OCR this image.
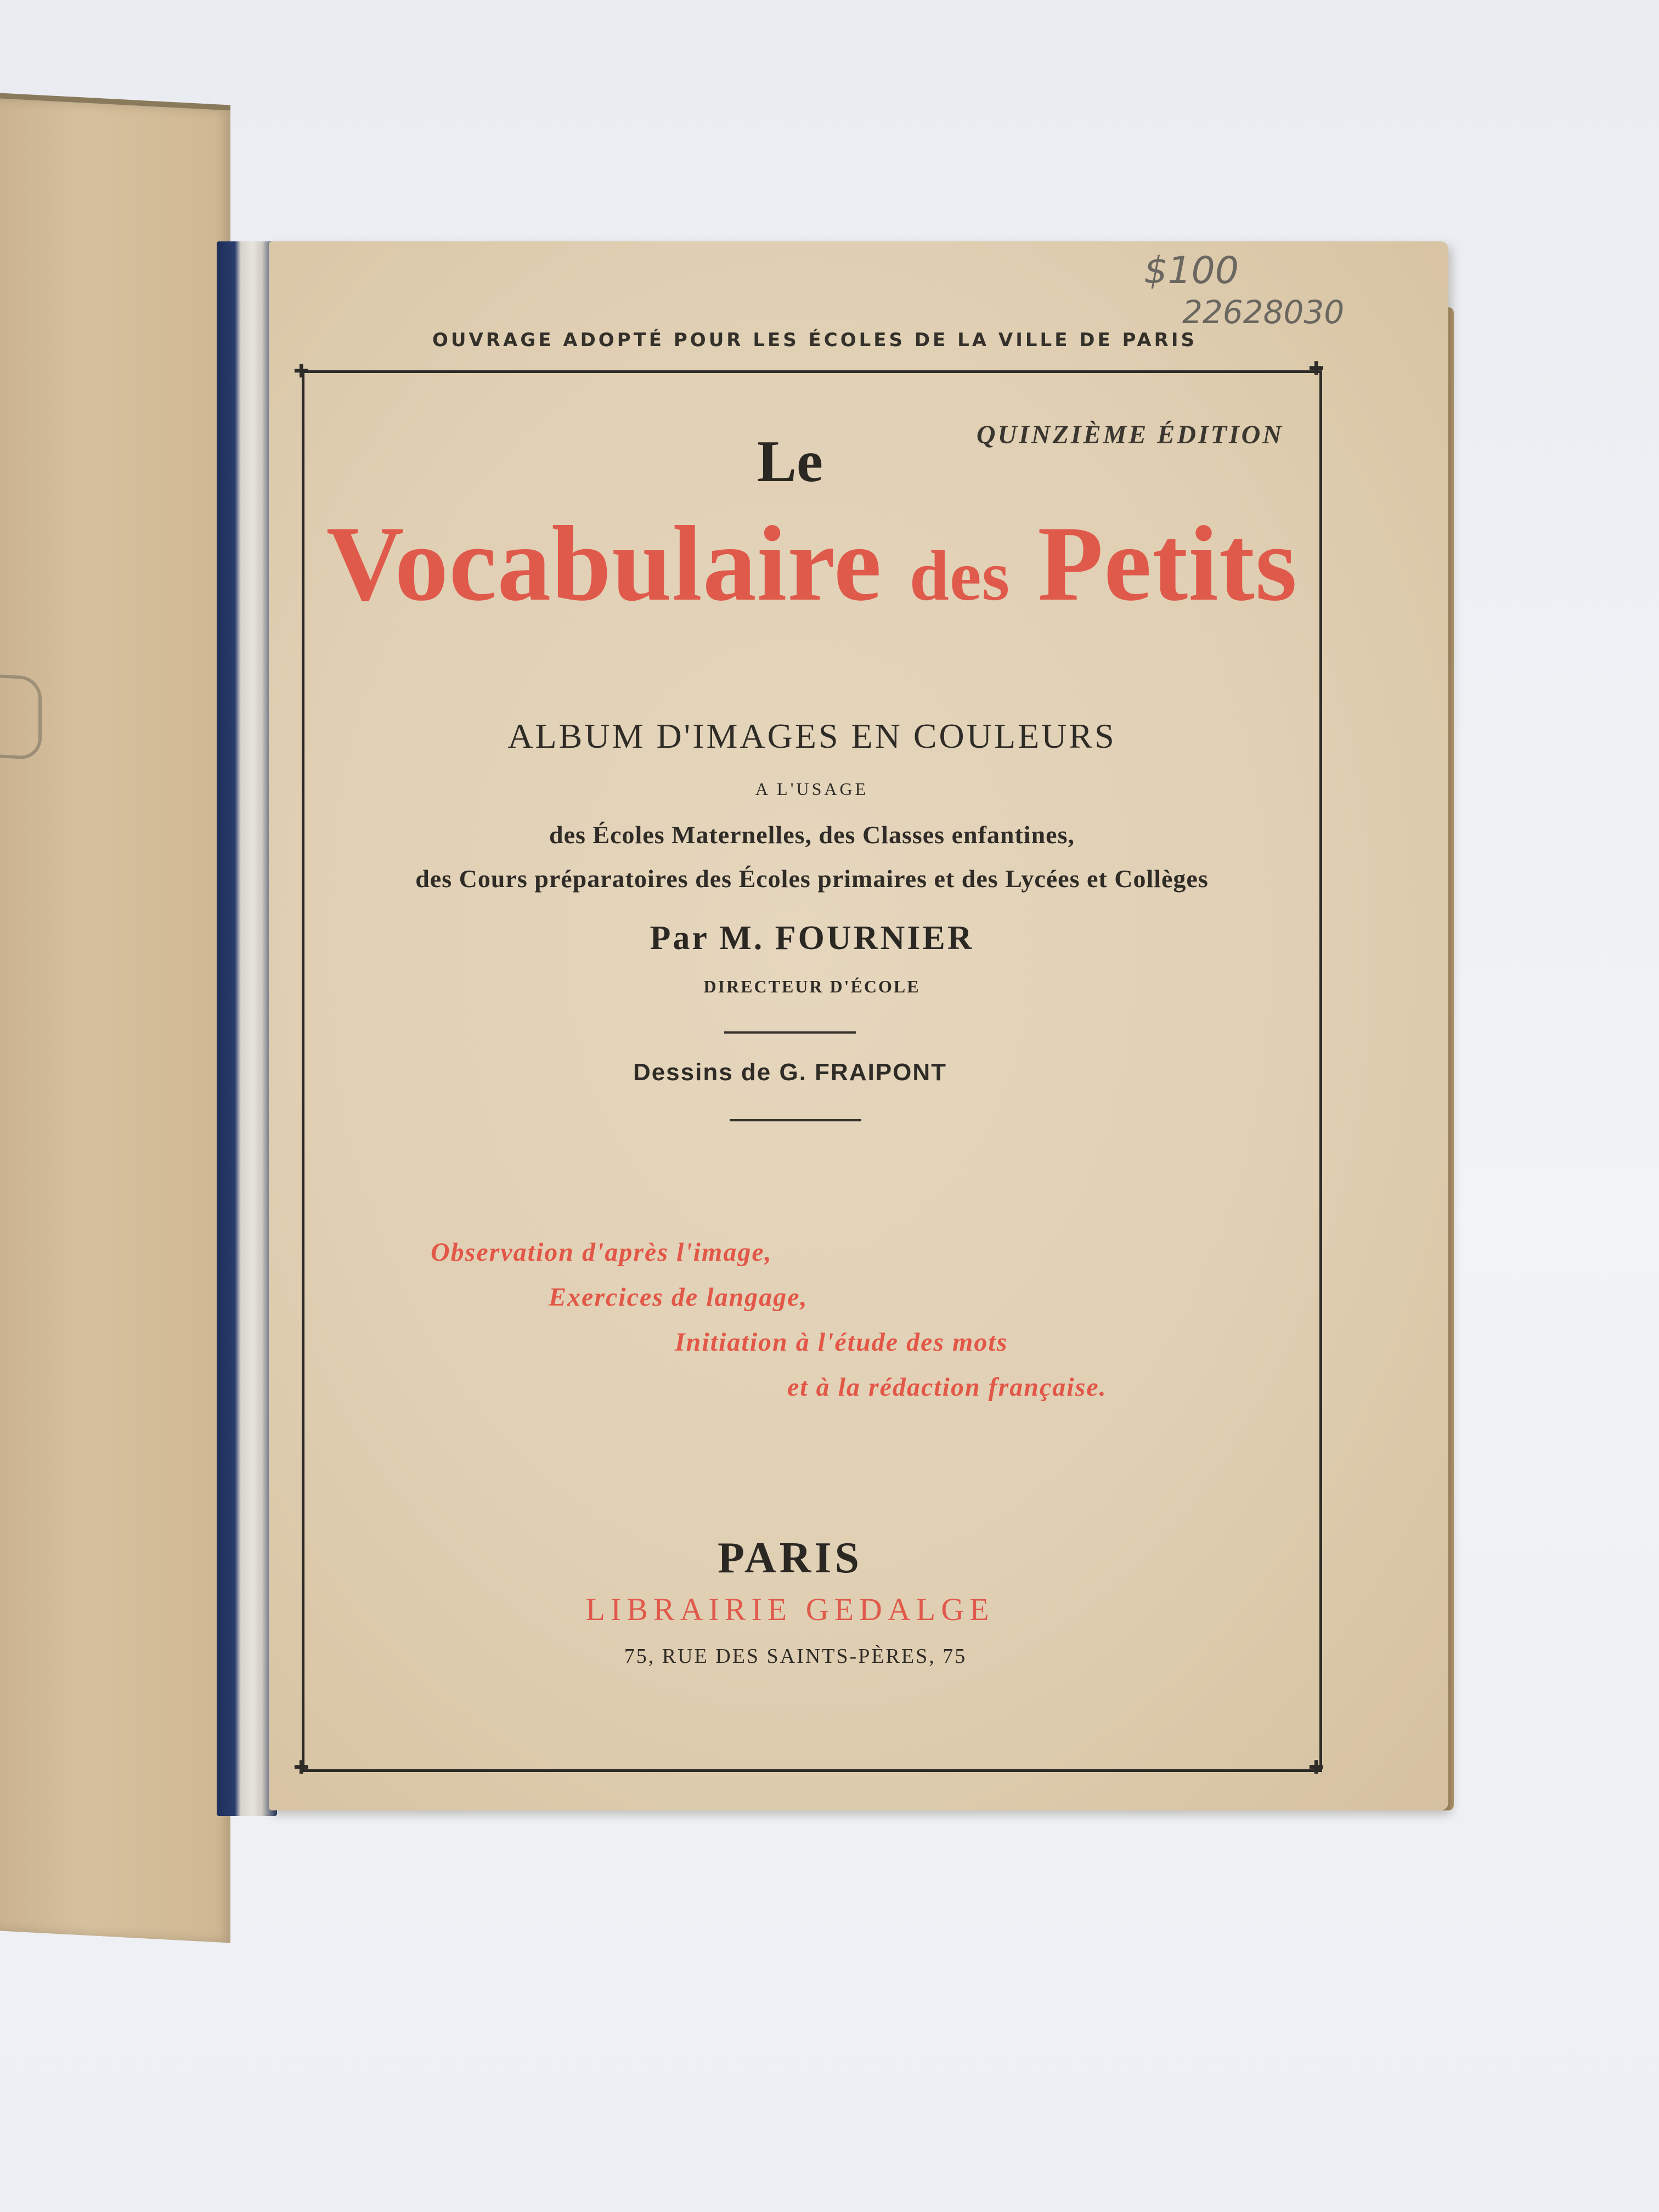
OUVRAGE ADOPTÉ POUR LES ÉCOLES DE LA VILLE DE PARIS
$100
22628030
✚	✚
✚	✚
QUINZIÈME ÉDITION
Le
Vocabulaire des Petits
ALBUM D'IMAGES EN COULEURS
A L'USAGE
des Écoles Maternelles, des Classes enfantines,
des Cours préparatoires des Écoles primaires et des Lycées et Collèges
Par M. FOURNIER
DIRECTEUR D'ÉCOLE
Dessins de G. FRAIPONT
Observation d'après l'image,
Exercices de langage,
Initiation à l'étude des mots
et à la rédaction française.
PARIS
LIBRAIRIE GEDALGE
75, RUE DES SAINTS-PÈRES, 75
